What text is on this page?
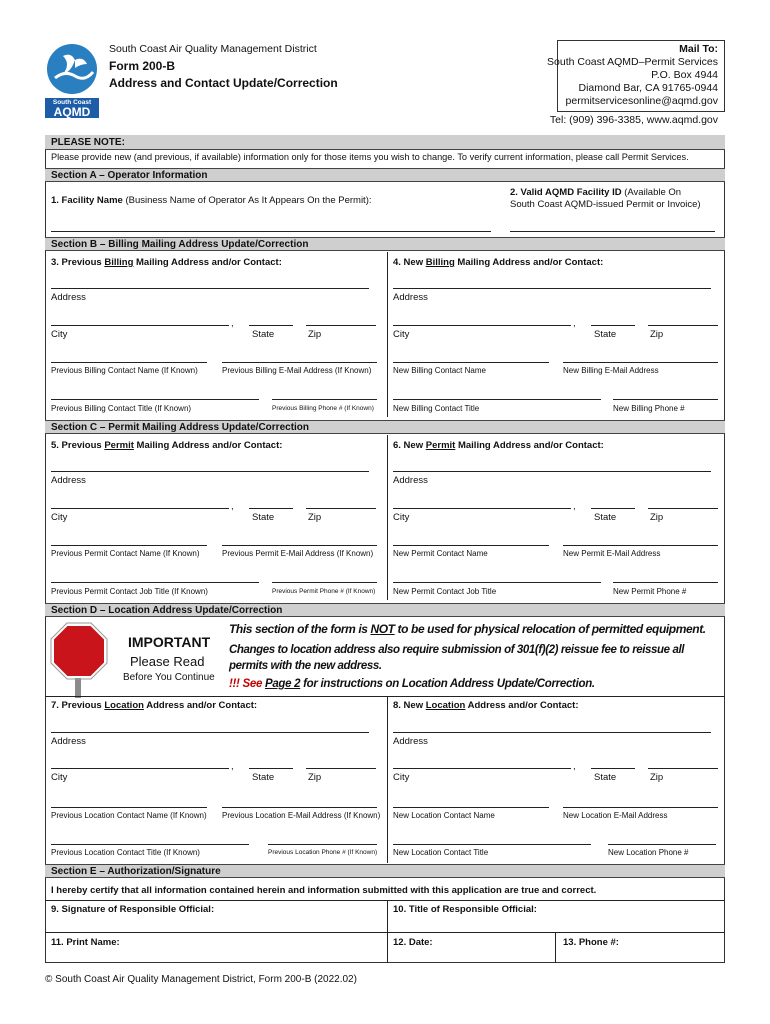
South Coast
AQMD
South Coast Air Quality Management District
Form 200-B
Address and Contact Update/Correction
Mail To:
South Coast AQMD–Permit Services
P.O. Box 4944
Diamond Bar, CA 91765-0944
permitservicesonline@aqmd.gov
Tel: (909) 396-3385, www.aqmd.gov
PLEASE NOTE:
Please provide new (and previous, if available) information only for those items you wish to change. To verify current information, please call Permit Services.
Section A – Operator Information
1. Facility Name (Business Name of Operator As It Appears On the Permit):
2. Valid AQMD Facility ID (Available On
South Coast AQMD-issued Permit or Invoice)
Section B – Billing Mailing Address Update/Correction
3. Previous Billing Mailing Address and/or Contact:	4. New Billing Mailing Address and/or Contact:
Address
,
City	State	Zip
Previous Billing Contact Name (If Known)	Previous Billing E-Mail Address (If Known)
Previous Billing Contact Title (If Known)	Previous Billing Phone # (If Known)
Address
,
City	State	Zip
New Billing Contact Name	New Billing E-Mail Address
New Billing Contact Title	New Billing Phone #
Section C – Permit Mailing Address Update/Correction
5. Previous Permit Mailing Address and/or Contact:	6. New Permit Mailing Address and/or Contact:
Address
,
City	State	Zip
Previous Permit Contact Name (If Known)	Previous Permit E-Mail Address (If Known)
Previous Permit Contact Job Title (If Known)	Previous Permit Phone # (If Known)
Address
,
City	State	Zip
New Permit Contact Name	New Permit E-Mail Address
New Permit Contact Job Title	New Permit Phone #
Section D – Location Address Update/Correction
IMPORTANT
Please Read
Before You Continue
This section of the form is NOT to be used for physical relocation of permitted equipment.
Changes to location address also require submission of 301(f)(2) reissue fee to reissue all permits with the new address.
!!! See Page 2 for instructions on Location Address Update/Correction.
7. Previous Location Address and/or Contact:	8. New Location Address and/or Contact:
Address
,
City	State	Zip
Previous Location Contact Name (If Known) Previous Location E-Mail Address (If Known)
Previous Location Contact Title (If Known)	Previous Location Phone # (If Known)
Address
,
City	State	Zip
New Location Contact Name	New Location E-Mail Address
New Location Contact Title	New Location Phone #
Section E – Authorization/Signature
I hereby certify that all information contained herein and information submitted with this application are true and correct.
9. Signature of Responsible Official:	10. Title of Responsible Official:
11. Print Name:	12. Date:	13. Phone #:
© South Coast Air Quality Management District, Form 200-B (2022.02)
